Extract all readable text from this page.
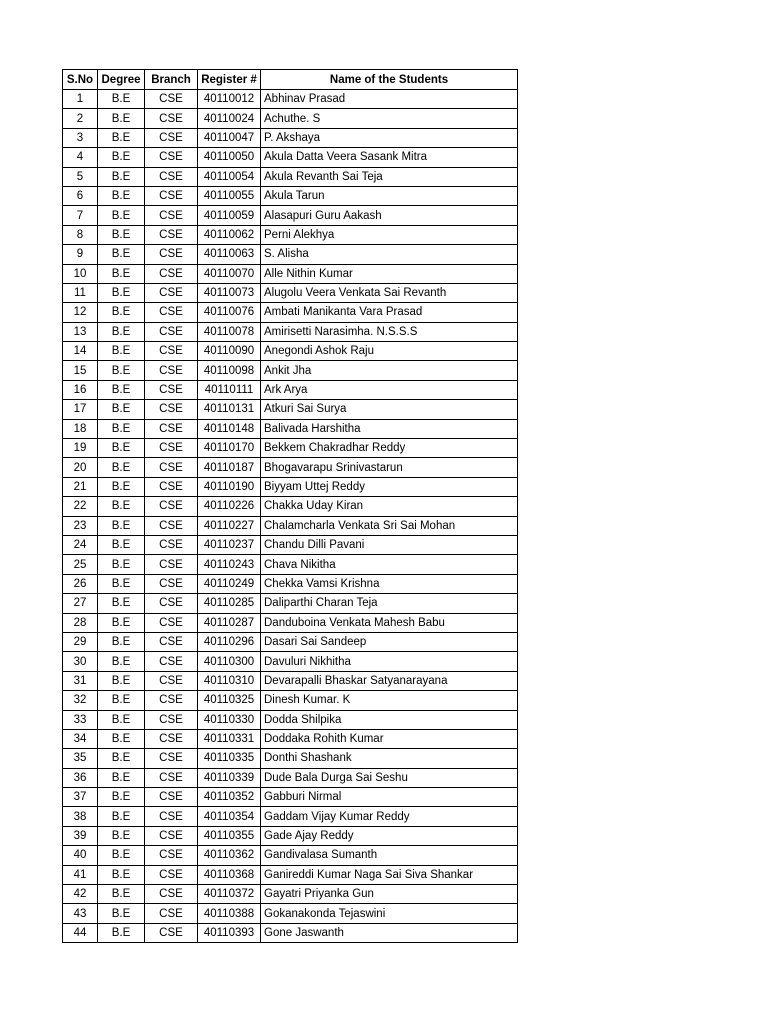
S.No	Degree	Branch	Register #	Name of the Students
1	B.E	CSE	40110012	Abhinav Prasad
2	B.E	CSE	40110024	Achuthe. S
3	B.E	CSE	40110047	P. Akshaya
4	B.E	CSE	40110050	Akula Datta Veera Sasank Mitra
5	B.E	CSE	40110054	Akula Revanth Sai Teja
6	B.E	CSE	40110055	Akula Tarun
7	B.E	CSE	40110059	Alasapuri Guru Aakash
8	B.E	CSE	40110062	Perni Alekhya
9	B.E	CSE	40110063	S. Alisha
10	B.E	CSE	40110070	Alle Nithin Kumar
11	B.E	CSE	40110073	Alugolu Veera Venkata Sai Revanth
12	B.E	CSE	40110076	Ambati Manikanta Vara Prasad
13	B.E	CSE	40110078	Amirisetti Narasimha. N.S.S.S
14	B.E	CSE	40110090	Anegondi Ashok Raju
15	B.E	CSE	40110098	Ankit Jha
16	B.E	CSE	40110111	Ark Arya
17	B.E	CSE	40110131	Atkuri Sai Surya
18	B.E	CSE	40110148	Balivada Harshitha
19	B.E	CSE	40110170	Bekkem Chakradhar Reddy
20	B.E	CSE	40110187	Bhogavarapu Srinivastarun
21	B.E	CSE	40110190	Biyyam Uttej Reddy
22	B.E	CSE	40110226	Chakka Uday Kiran
23	B.E	CSE	40110227	Chalamcharla Venkata Sri Sai Mohan
24	B.E	CSE	40110237	Chandu Dilli Pavani
25	B.E	CSE	40110243	Chava Nikitha
26	B.E	CSE	40110249	Chekka Vamsi Krishna
27	B.E	CSE	40110285	Daliparthi Charan Teja
28	B.E	CSE	40110287	Danduboina Venkata Mahesh Babu
29	B.E	CSE	40110296	Dasari Sai Sandeep
30	B.E	CSE	40110300	Davuluri Nikhitha
31	B.E	CSE	40110310	Devarapalli Bhaskar Satyanarayana
32	B.E	CSE	40110325	Dinesh Kumar. K
33	B.E	CSE	40110330	Dodda Shilpika
34	B.E	CSE	40110331	Doddaka Rohith Kumar
35	B.E	CSE	40110335	Donthi Shashank
36	B.E	CSE	40110339	Dude Bala Durga Sai Seshu
37	B.E	CSE	40110352	Gabburi Nirmal
38	B.E	CSE	40110354	Gaddam Vijay Kumar Reddy
39	B.E	CSE	40110355	Gade Ajay Reddy
40	B.E	CSE	40110362	Gandivalasa Sumanth
41	B.E	CSE	40110368	Ganireddi Kumar Naga Sai Siva Shankar
42	B.E	CSE	40110372	Gayatri Priyanka Gun
43	B.E	CSE	40110388	Gokanakonda Tejaswini
44	B.E	CSE	40110393	Gone Jaswanth
